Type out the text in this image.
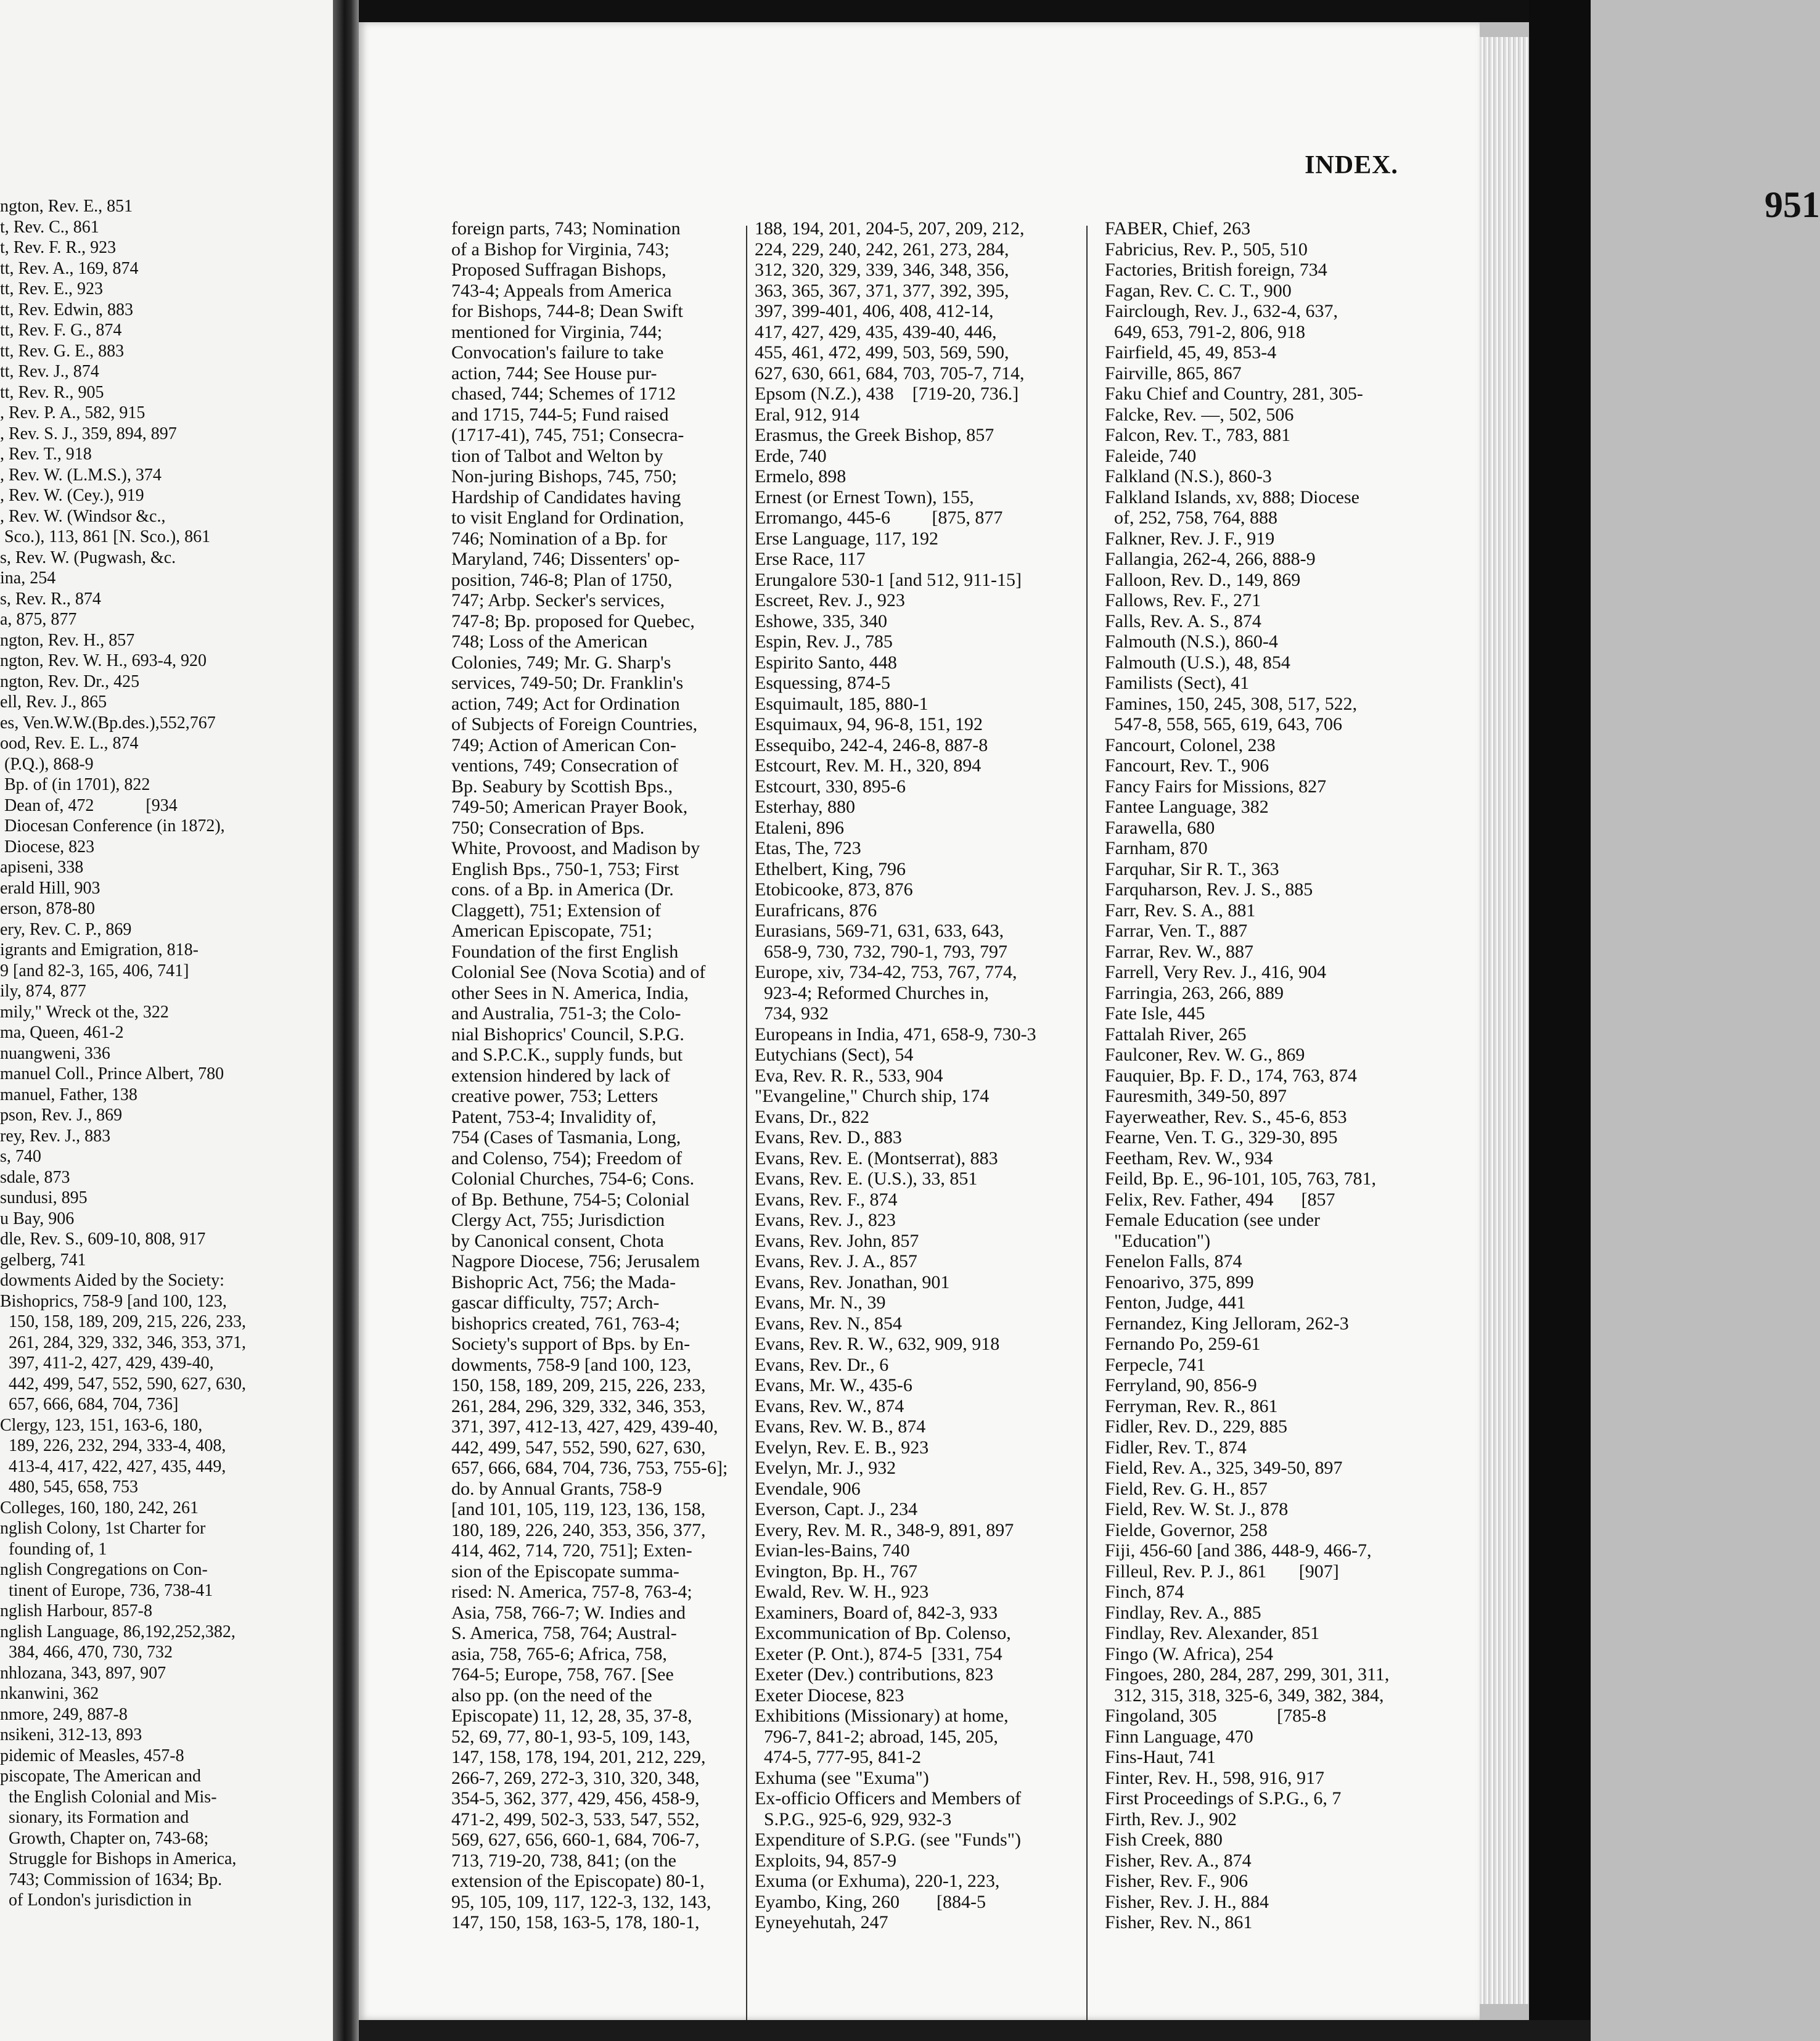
ngton, Rev. E., 851
t, Rev. C., 861
t, Rev. F. R., 923
tt, Rev. A., 169, 874
tt, Rev. E., 923
tt, Rev. Edwin, 883
tt, Rev. F. G., 874
tt, Rev. G. E., 883
tt, Rev. J., 874
tt, Rev. R., 905
, Rev. P. A., 582, 915
, Rev. S. J., 359, 894, 897
, Rev. T., 918
, Rev. W. (L.M.S.), 374
, Rev. W. (Cey.), 919
, Rev. W. (Windsor &c.,
Sco.), 113, 861 [N. Sco.), 861
s, Rev. W. (Pugwash, &c.
ina, 254
s, Rev. R., 874
a, 875, 877
ngton, Rev. H., 857
ngton, Rev. W. H., 693-4, 920
ngton, Rev. Dr., 425
ell, Rev. J., 865
es, Ven.W.W.(Bp.des.),552,767
ood, Rev. E. L., 874
(P.Q.), 868-9
Bp. of (in 1701), 822
Dean of, 472            [934
Diocesan Conference (in 1872),
Diocese, 823
apiseni, 338
erald Hill, 903
erson, 878-80
ery, Rev. C. P., 869
igrants and Emigration, 818-
9 [and 82-3, 165, 406, 741]
ily, 874, 877
mily," Wreck ot the, 322
ma, Queen, 461-2
nuangweni, 336
manuel Coll., Prince Albert, 780
manuel, Father, 138
pson, Rev. J., 869
rey, Rev. J., 883
s, 740
sdale, 873
sundusi, 895
u Bay, 906
dle, Rev. S., 609-10, 808, 917
gelberg, 741
dowments Aided by the Society:
Bishoprics, 758-9 [and 100, 123,
150, 158, 189, 209, 215, 226, 233,
261, 284, 329, 332, 346, 353, 371,
397, 411-2, 427, 429, 439-40,
442, 499, 547, 552, 590, 627, 630,
657, 666, 684, 704, 736]
Clergy, 123, 151, 163-6, 180,
189, 226, 232, 294, 333-4, 408,
413-4, 417, 422, 427, 435, 449,
480, 545, 658, 753
Colleges, 160, 180, 242, 261
nglish Colony, 1st Charter for
founding of, 1
nglish Congregations on Con-
tinent of Europe, 736, 738-41
nglish Harbour, 857-8
nglish Language, 86,192,252,382,
384, 466, 470, 730, 732
nhlozana, 343, 897, 907
nkanwini, 362
nmore, 249, 887-8
nsikeni, 312-13, 893
pidemic of Measles, 457-8
piscopate, The American and
the English Colonial and Mis-
sionary, its Formation and
Growth, Chapter on, 743-68;
Struggle for Bishops in America,
743; Commission of 1634; Bp.
of London's jurisdiction in
INDEX.
951
foreign parts, 743; Nomination
of a Bishop for Virginia, 743;
Proposed Suffragan Bishops,
743-4; Appeals from America
for Bishops, 744-8; Dean Swift
mentioned for Virginia, 744;
Convocation's failure to take
action, 744; See House pur-
chased, 744; Schemes of 1712
and 1715, 744-5; Fund raised
(1717-41), 745, 751; Consecra-
tion of Talbot and Welton by
Non-juring Bishops, 745, 750;
Hardship of Candidates having
to visit England for Ordination,
746; Nomination of a Bp. for
Maryland, 746; Dissenters' op-
position, 746-8; Plan of 1750,
747; Arbp. Secker's services,
747-8; Bp. proposed for Quebec,
748; Loss of the American
Colonies, 749; Mr. G. Sharp's
services, 749-50; Dr. Franklin's
action, 749; Act for Ordination
of Subjects of Foreign Countries,
749; Action of American Con-
ventions, 749; Consecration of
Bp. Seabury by Scottish Bps.,
749-50; American Prayer Book,
750; Consecration of Bps.
White, Provoost, and Madison by
English Bps., 750-1, 753; First
cons. of a Bp. in America (Dr.
Claggett), 751; Extension of
American Episcopate, 751;
Foundation of the first English
Colonial See (Nova Scotia) and of
other Sees in N. America, India,
and Australia, 751-3; the Colo-
nial Bishoprics' Council, S.P.G.
and S.P.C.K., supply funds, but
extension hindered by lack of
creative power, 753; Letters
Patent, 753-4; Invalidity of,
754 (Cases of Tasmania, Long,
and Colenso, 754); Freedom of
Colonial Churches, 754-6; Cons.
of Bp. Bethune, 754-5; Colonial
Clergy Act, 755; Jurisdiction
by Canonical consent, Chota
Nagpore Diocese, 756; Jerusalem
Bishopric Act, 756; the Mada-
gascar difficulty, 757; Arch-
bishoprics created, 761, 763-4;
Society's support of Bps. by En-
dowments, 758-9 [and 100, 123,
150, 158, 189, 209, 215, 226, 233,
261, 284, 296, 329, 332, 346, 353,
371, 397, 412-13, 427, 429, 439-40,
442, 499, 547, 552, 590, 627, 630,
657, 666, 684, 704, 736, 753, 755-6];
do. by Annual Grants, 758-9
[and 101, 105, 119, 123, 136, 158,
180, 189, 226, 240, 353, 356, 377,
414, 462, 714, 720, 751]; Exten-
sion of the Episcopate summa-
rised: N. America, 757-8, 763-4;
Asia, 758, 766-7; W. Indies and
S. America, 758, 764; Austral-
asia, 758, 765-6; Africa, 758,
764-5; Europe, 758, 767. [See
also pp. (on the need of the
Episcopate) 11, 12, 28, 35, 37-8,
52, 69, 77, 80-1, 93-5, 109, 143,
147, 158, 178, 194, 201, 212, 229,
266-7, 269, 272-3, 310, 320, 348,
354-5, 362, 377, 429, 456, 458-9,
471-2, 499, 502-3, 533, 547, 552,
569, 627, 656, 660-1, 684, 706-7,
713, 719-20, 738, 841; (on the
extension of the Episcopate) 80-1,
95, 105, 109, 117, 122-3, 132, 143,
147, 150, 158, 163-5, 178, 180-1,
188, 194, 201, 204-5, 207, 209, 212,
224, 229, 240, 242, 261, 273, 284,
312, 320, 329, 339, 346, 348, 356,
363, 365, 367, 371, 377, 392, 395,
397, 399-401, 406, 408, 412-14,
417, 427, 429, 435, 439-40, 446,
455, 461, 472, 499, 503, 569, 590,
627, 630, 661, 684, 703, 705-7, 714,
Epsom (N.Z.), 438    [719-20, 736.]
Eral, 912, 914
Erasmus, the Greek Bishop, 857
Erde, 740
Ermelo, 898
Ernest (or Ernest Town), 155,
Erromango, 445-6         [875, 877
Erse Language, 117, 192
Erse Race, 117
Erungalore 530-1 [and 512, 911-15]
Escreet, Rev. J., 923
Eshowe, 335, 340
Espin, Rev. J., 785
Espirito Santo, 448
Esquessing, 874-5
Esquimault, 185, 880-1
Esquimaux, 94, 96-8, 151, 192
Essequibo, 242-4, 246-8, 887-8
Estcourt, Rev. M. H., 320, 894
Estcourt, 330, 895-6
Esterhay, 880
Etaleni, 896
Etas, The, 723
Ethelbert, King, 796
Etobicooke, 873, 876
Eurafricans, 876
Eurasians, 569-71, 631, 633, 643,
658-9, 730, 732, 790-1, 793, 797
Europe, xiv, 734-42, 753, 767, 774,
923-4; Reformed Churches in,
734, 932
Europeans in India, 471, 658-9, 730-3
Eutychians (Sect), 54
Eva, Rev. R. R., 533, 904
"Evangeline," Church ship, 174
Evans, Dr., 822
Evans, Rev. D., 883
Evans, Rev. E. (Montserrat), 883
Evans, Rev. E. (U.S.), 33, 851
Evans, Rev. F., 874
Evans, Rev. J., 823
Evans, Rev. John, 857
Evans, Rev. J. A., 857
Evans, Rev. Jonathan, 901
Evans, Mr. N., 39
Evans, Rev. N., 854
Evans, Rev. R. W., 632, 909, 918
Evans, Rev. Dr., 6
Evans, Mr. W., 435-6
Evans, Rev. W., 874
Evans, Rev. W. B., 874
Evelyn, Rev. E. B., 923
Evelyn, Mr. J., 932
Evendale, 906
Everson, Capt. J., 234
Every, Rev. M. R., 348-9, 891, 897
Evian-les-Bains, 740
Evington, Bp. H., 767
Ewald, Rev. W. H., 923
Examiners, Board of, 842-3, 933
Excommunication of Bp. Colenso,
Exeter (P. Ont.), 874-5  [331, 754
Exeter (Dev.) contributions, 823
Exeter Diocese, 823
Exhibitions (Missionary) at home,
796-7, 841-2; abroad, 145, 205,
474-5, 777-95, 841-2
Exhuma (see "Exuma")
Ex-officio Officers and Members of
S.P.G., 925-6, 929, 932-3
Expenditure of S.P.G. (see "Funds")
Exploits, 94, 857-9
Exuma (or Exhuma), 220-1, 223,
Eyambo, King, 260        [884-5
Eyneyehutah, 247
FABER, Chief, 263
Fabricius, Rev. P., 505, 510
Factories, British foreign, 734
Fagan, Rev. C. C. T., 900
Fairclough, Rev. J., 632-4, 637,
649, 653, 791-2, 806, 918
Fairfield, 45, 49, 853-4
Fairville, 865, 867
Faku Chief and Country, 281, 305-
Falcke, Rev. —, 502, 506
Falcon, Rev. T., 783, 881
Faleide, 740
Falkland (N.S.), 860-3
Falkland Islands, xv, 888; Diocese
of, 252, 758, 764, 888
Falkner, Rev. J. F., 919
Fallangia, 262-4, 266, 888-9
Falloon, Rev. D., 149, 869
Fallows, Rev. F., 271
Falls, Rev. A. S., 874
Falmouth (N.S.), 860-4
Falmouth (U.S.), 48, 854
Familists (Sect), 41
Famines, 150, 245, 308, 517, 522,
547-8, 558, 565, 619, 643, 706
Fancourt, Colonel, 238
Fancourt, Rev. T., 906
Fancy Fairs for Missions, 827
Fantee Language, 382
Farawella, 680
Farnham, 870
Farquhar, Sir R. T., 363
Farquharson, Rev. J. S., 885
Farr, Rev. S. A., 881
Farrar, Ven. T., 887
Farrar, Rev. W., 887
Farrell, Very Rev. J., 416, 904
Farringia, 263, 266, 889
Fate Isle, 445
Fattalah River, 265
Faulconer, Rev. W. G., 869
Fauquier, Bp. F. D., 174, 763, 874
Fauresmith, 349-50, 897
Fayerweather, Rev. S., 45-6, 853
Fearne, Ven. T. G., 329-30, 895
Feetham, Rev. W., 934
Feild, Bp. E., 96-101, 105, 763, 781,
Felix, Rev. Father, 494      [857
Female Education (see under
"Education")
Fenelon Falls, 874
Fenoarivo, 375, 899
Fenton, Judge, 441
Fernandez, King Jelloram, 262-3
Fernando Po, 259-61
Ferpecle, 741
Ferryland, 90, 856-9
Ferryman, Rev. R., 861
Fidler, Rev. D., 229, 885
Fidler, Rev. T., 874
Field, Rev. A., 325, 349-50, 897
Field, Rev. G. H., 857
Field, Rev. W. St. J., 878
Fielde, Governor, 258
Fiji, 456-60 [and 386, 448-9, 466-7,
Filleul, Rev. P. J., 861       [907]
Finch, 874
Findlay, Rev. A., 885
Findlay, Rev. Alexander, 851
Fingo (W. Africa), 254
Fingoes, 280, 284, 287, 299, 301, 311,
312, 315, 318, 325-6, 349, 382, 384,
Fingoland, 305             [785-8
Finn Language, 470
Fins-Haut, 741
Finter, Rev. H., 598, 916, 917
First Proceedings of S.P.G., 6, 7
Firth, Rev. J., 902
Fish Creek, 880
Fisher, Rev. A., 874
Fisher, Rev. F., 906
Fisher, Rev. J. H., 884
Fisher, Rev. N., 861
